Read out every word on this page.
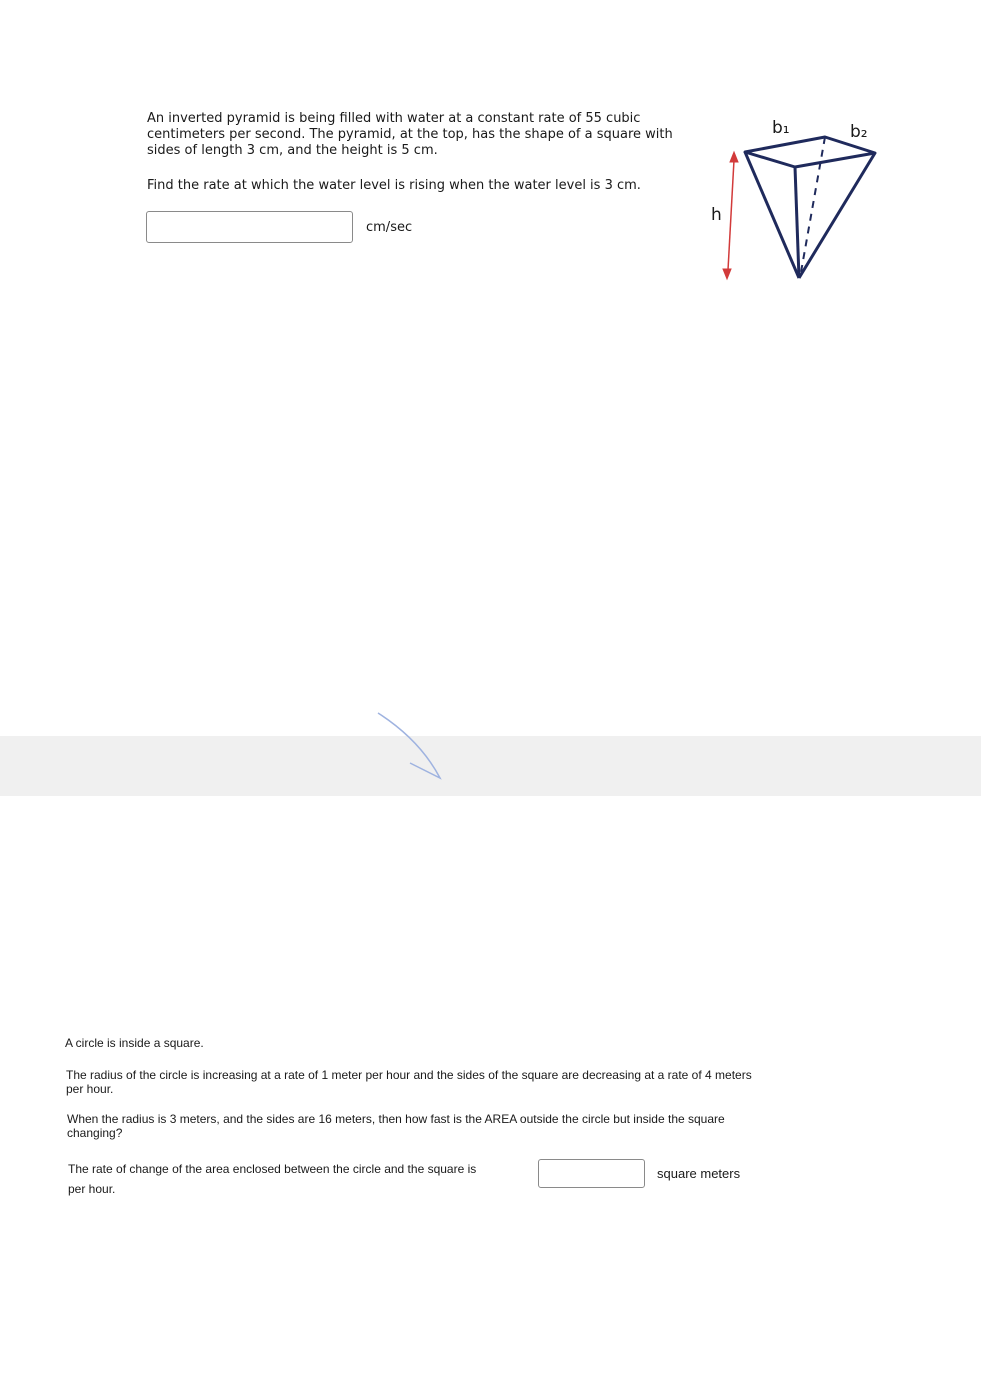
An inverted pyramid is being filled with water at a constant rate of 55 cubic centimeters per second. The pyramid, at the top, has the shape of a square with sides of length 3 cm, and the height is 5 cm.

Find the rate at which the water level is rising when the water level is 3 cm.

cm/sec
h
b₁	b₂

A circle is inside a square.

The radius of the circle is increasing at a rate of 1 meter per hour and the sides of the square are decreasing at a rate of 4 meters per hour.

When the radius is 3 meters, and the sides are 16 meters, then how fast is the AREA outside the circle but inside the square changing?

The rate of change of the area enclosed between the circle and the square is	square meters
per hour.
